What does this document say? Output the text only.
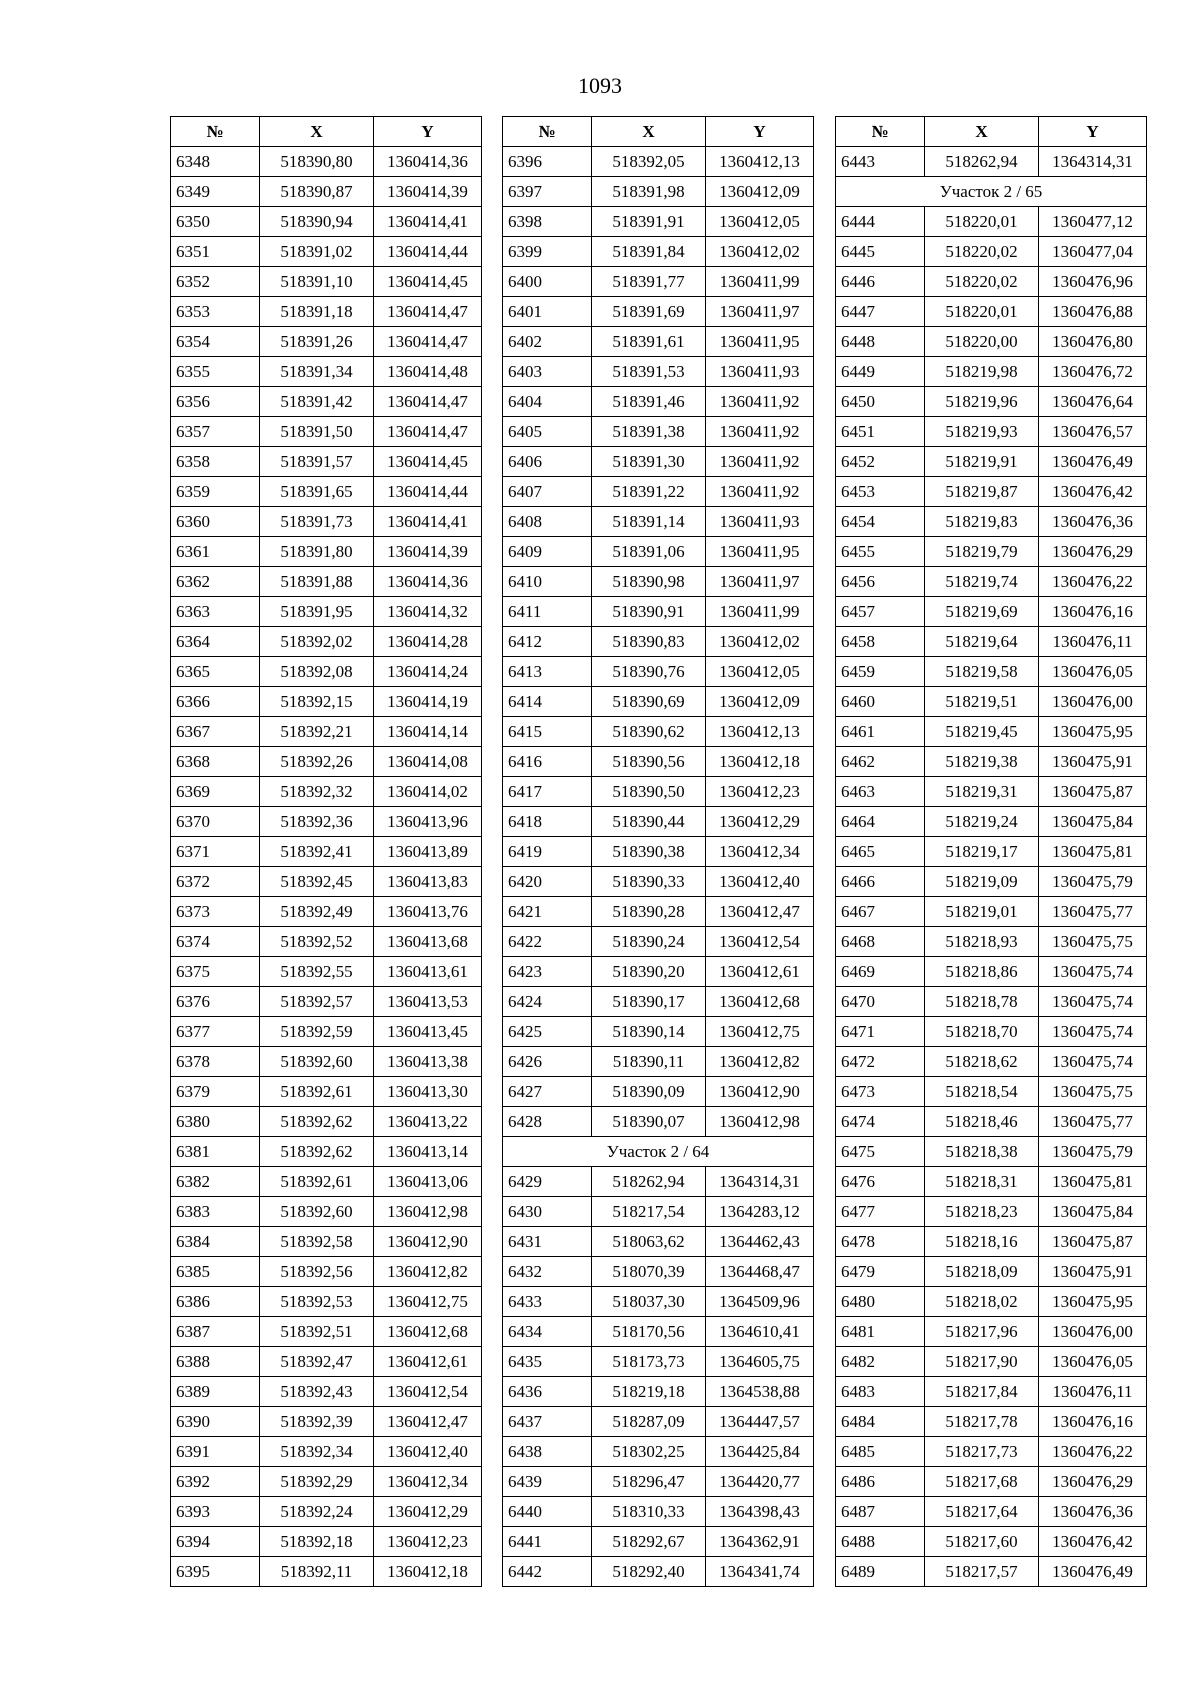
1093
№	X	Y
6348	518390,80	1360414,36
6349	518390,87	1360414,39
6350	518390,94	1360414,41
6351	518391,02	1360414,44
6352	518391,10	1360414,45
6353	518391,18	1360414,47
6354	518391,26	1360414,47
6355	518391,34	1360414,48
6356	518391,42	1360414,47
6357	518391,50	1360414,47
6358	518391,57	1360414,45
6359	518391,65	1360414,44
6360	518391,73	1360414,41
6361	518391,80	1360414,39
6362	518391,88	1360414,36
6363	518391,95	1360414,32
6364	518392,02	1360414,28
6365	518392,08	1360414,24
6366	518392,15	1360414,19
6367	518392,21	1360414,14
6368	518392,26	1360414,08
6369	518392,32	1360414,02
6370	518392,36	1360413,96
6371	518392,41	1360413,89
6372	518392,45	1360413,83
6373	518392,49	1360413,76
6374	518392,52	1360413,68
6375	518392,55	1360413,61
6376	518392,57	1360413,53
6377	518392,59	1360413,45
6378	518392,60	1360413,38
6379	518392,61	1360413,30
6380	518392,62	1360413,22
6381	518392,62	1360413,14
6382	518392,61	1360413,06
6383	518392,60	1360412,98
6384	518392,58	1360412,90
6385	518392,56	1360412,82
6386	518392,53	1360412,75
6387	518392,51	1360412,68
6388	518392,47	1360412,61
6389	518392,43	1360412,54
6390	518392,39	1360412,47
6391	518392,34	1360412,40
6392	518392,29	1360412,34
6393	518392,24	1360412,29
6394	518392,18	1360412,23
6395	518392,11	1360412,18
№	X	Y
6396	518392,05	1360412,13
6397	518391,98	1360412,09
6398	518391,91	1360412,05
6399	518391,84	1360412,02
6400	518391,77	1360411,99
6401	518391,69	1360411,97
6402	518391,61	1360411,95
6403	518391,53	1360411,93
6404	518391,46	1360411,92
6405	518391,38	1360411,92
6406	518391,30	1360411,92
6407	518391,22	1360411,92
6408	518391,14	1360411,93
6409	518391,06	1360411,95
6410	518390,98	1360411,97
6411	518390,91	1360411,99
6412	518390,83	1360412,02
6413	518390,76	1360412,05
6414	518390,69	1360412,09
6415	518390,62	1360412,13
6416	518390,56	1360412,18
6417	518390,50	1360412,23
6418	518390,44	1360412,29
6419	518390,38	1360412,34
6420	518390,33	1360412,40
6421	518390,28	1360412,47
6422	518390,24	1360412,54
6423	518390,20	1360412,61
6424	518390,17	1360412,68
6425	518390,14	1360412,75
6426	518390,11	1360412,82
6427	518390,09	1360412,90
6428	518390,07	1360412,98
Участок 2 / 64		
6429	518262,94	1364314,31
6430	518217,54	1364283,12
6431	518063,62	1364462,43
6432	518070,39	1364468,47
6433	518037,30	1364509,96
6434	518170,56	1364610,41
6435	518173,73	1364605,75
6436	518219,18	1364538,88
6437	518287,09	1364447,57
6438	518302,25	1364425,84
6439	518296,47	1364420,77
6440	518310,33	1364398,43
6441	518292,67	1364362,91
6442	518292,40	1364341,74
№	X	Y
6443	518262,94	1364314,31
Участок 2 / 65		
6444	518220,01	1360477,12
6445	518220,02	1360477,04
6446	518220,02	1360476,96
6447	518220,01	1360476,88
6448	518220,00	1360476,80
6449	518219,98	1360476,72
6450	518219,96	1360476,64
6451	518219,93	1360476,57
6452	518219,91	1360476,49
6453	518219,87	1360476,42
6454	518219,83	1360476,36
6455	518219,79	1360476,29
6456	518219,74	1360476,22
6457	518219,69	1360476,16
6458	518219,64	1360476,11
6459	518219,58	1360476,05
6460	518219,51	1360476,00
6461	518219,45	1360475,95
6462	518219,38	1360475,91
6463	518219,31	1360475,87
6464	518219,24	1360475,84
6465	518219,17	1360475,81
6466	518219,09	1360475,79
6467	518219,01	1360475,77
6468	518218,93	1360475,75
6469	518218,86	1360475,74
6470	518218,78	1360475,74
6471	518218,70	1360475,74
6472	518218,62	1360475,74
6473	518218,54	1360475,75
6474	518218,46	1360475,77
6475	518218,38	1360475,79
6476	518218,31	1360475,81
6477	518218,23	1360475,84
6478	518218,16	1360475,87
6479	518218,09	1360475,91
6480	518218,02	1360475,95
6481	518217,96	1360476,00
6482	518217,90	1360476,05
6483	518217,84	1360476,11
6484	518217,78	1360476,16
6485	518217,73	1360476,22
6486	518217,68	1360476,29
6487	518217,64	1360476,36
6488	518217,60	1360476,42
6489	518217,57	1360476,49
